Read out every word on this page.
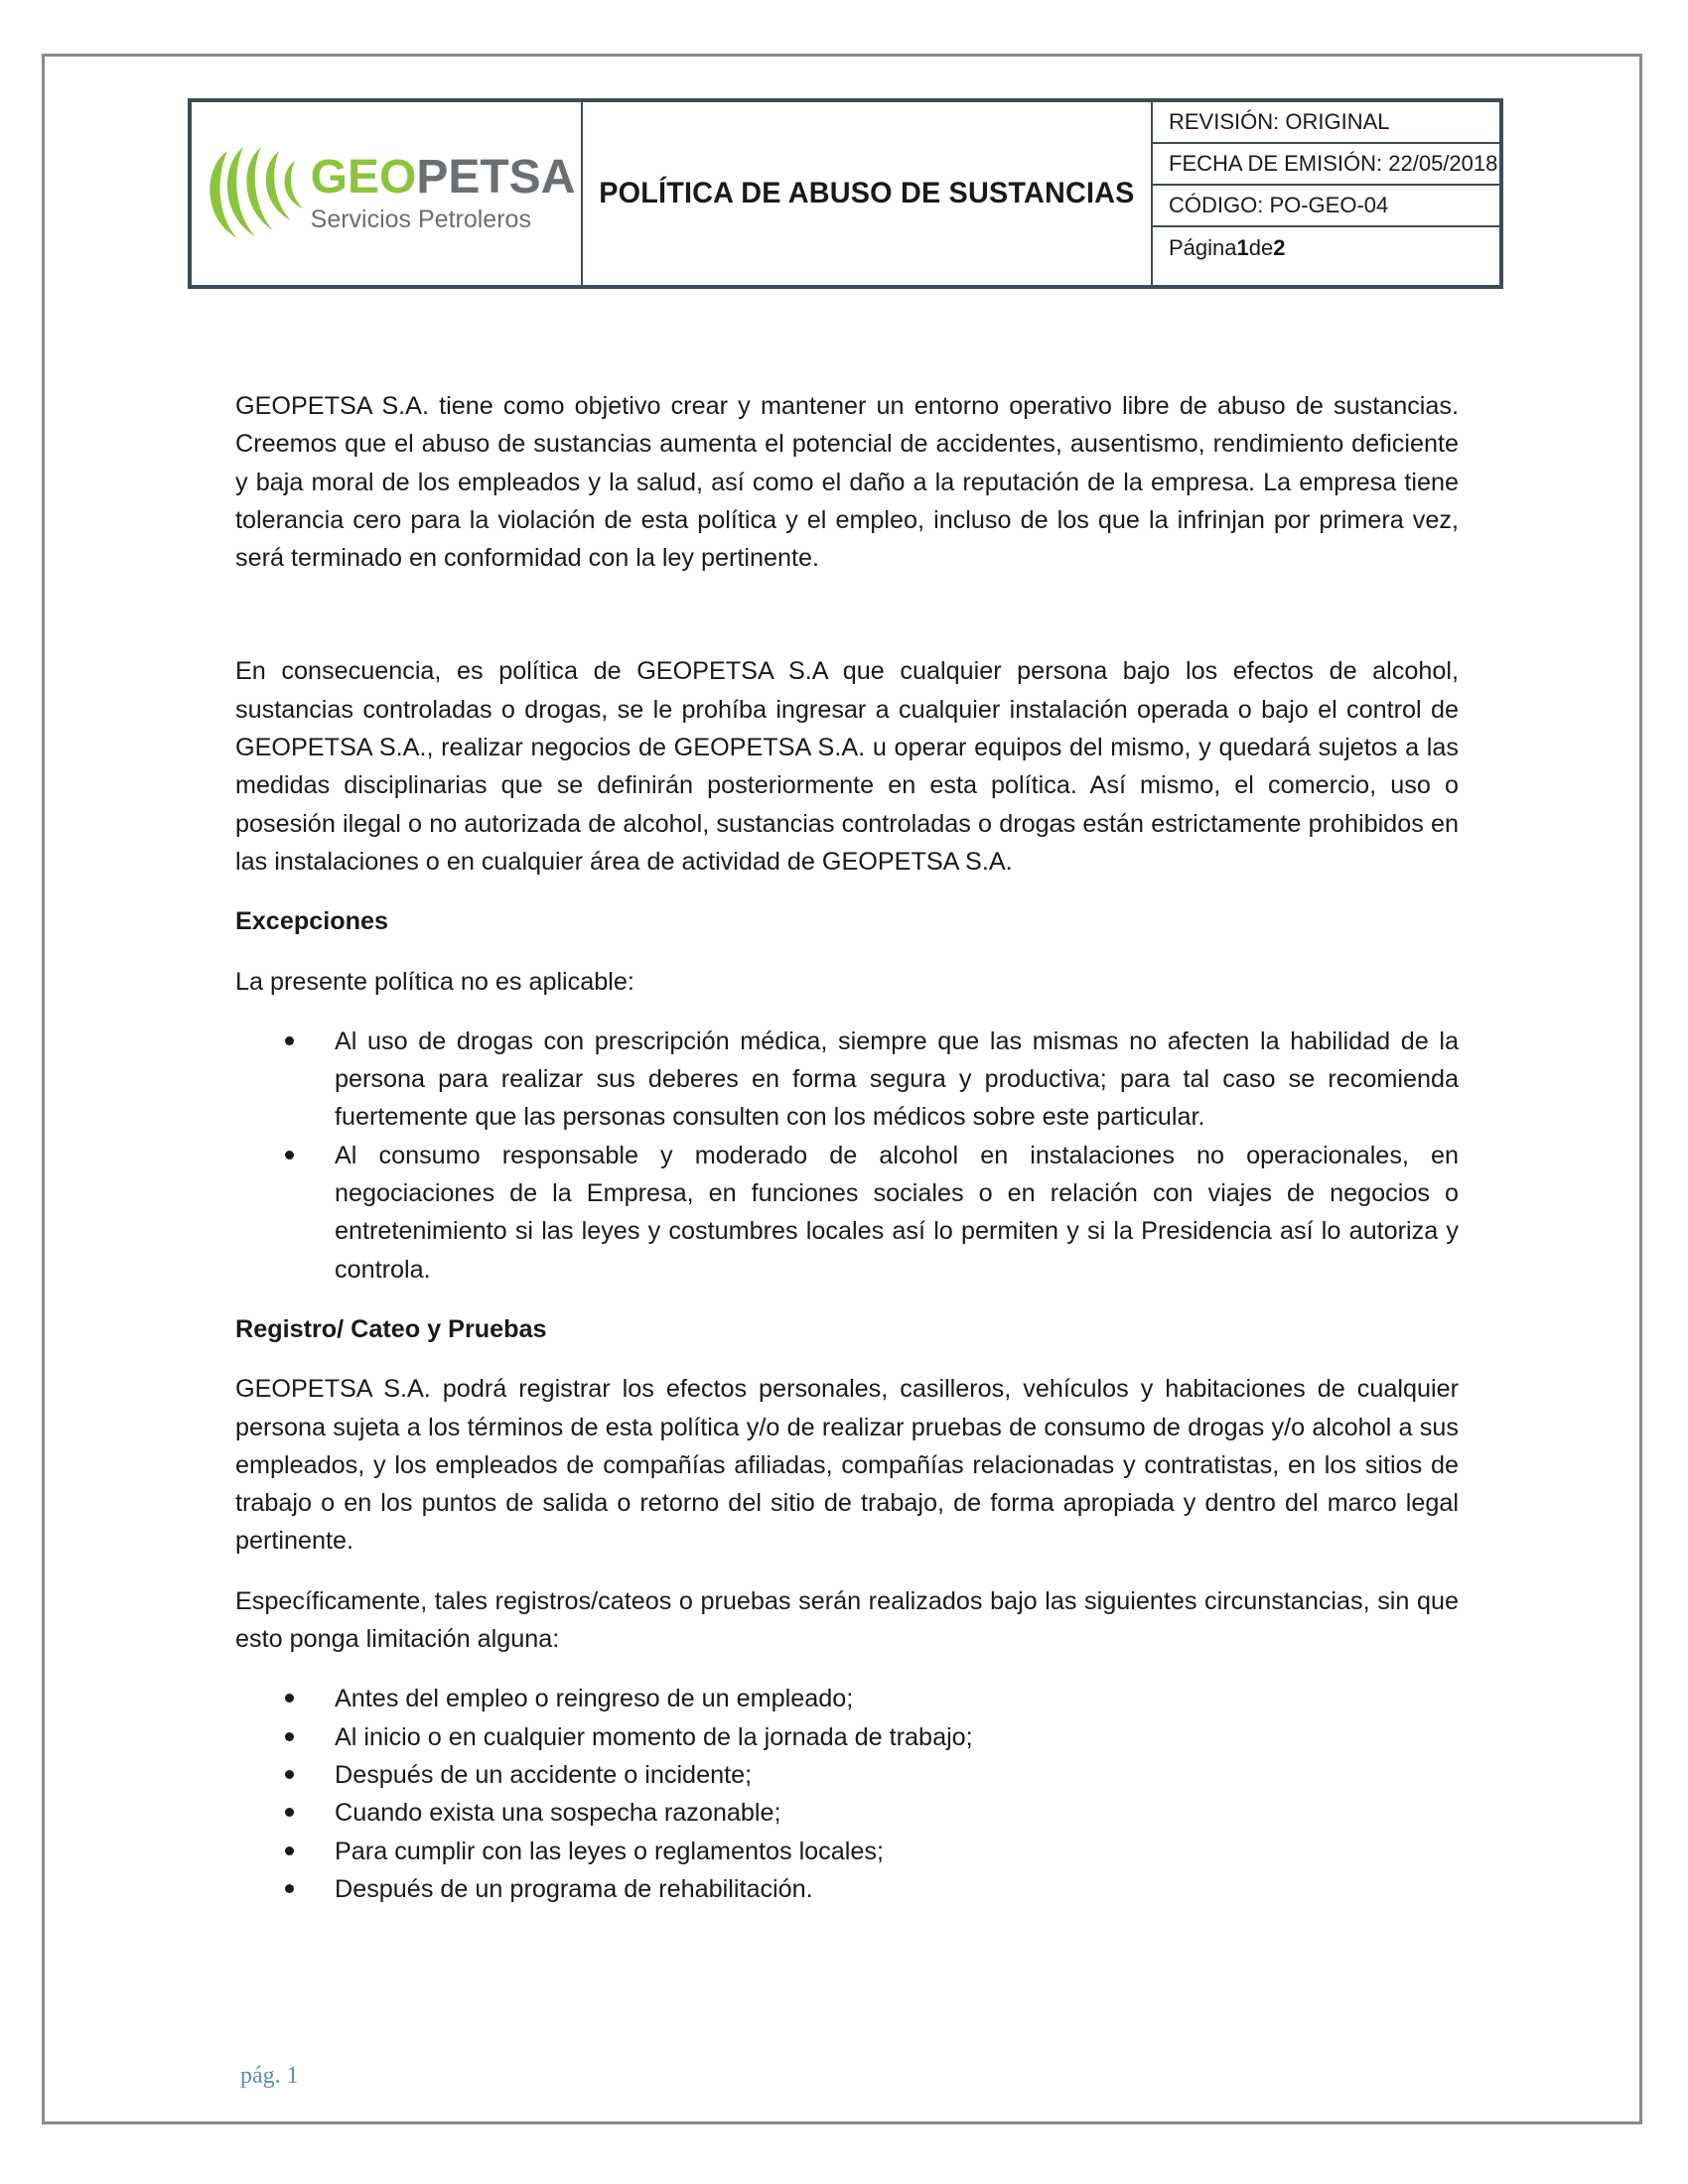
GEOPETSA
Servicios Petroleros
POLÍTICA DE ABUSO DE SUSTANCIAS
REVISIÓN: ORIGINAL
FECHA DE EMISIÓN: 22/05/2018
CÓDIGO: PO-GEO-04
Página 1 de 2

GEOPETSA S.A. tiene como objetivo crear y mantener un entorno operativo libre de abuso de sustancias. Creemos que el abuso de sustancias aumenta el potencial de accidentes, ausentismo, rendimiento deficiente y baja moral de los empleados y la salud, así como el daño a la reputación de la empresa. La empresa tiene tolerancia cero para la violación de esta política y el empleo, incluso de los que la infrinjan por primera vez, será terminado en conformidad con la ley pertinente.

En consecuencia, es política de GEOPETSA S.A que cualquier persona bajo los efectos de alcohol, sustancias controladas o drogas, se le prohíba ingresar a cualquier instalación operada o bajo el control de GEOPETSA S.A., realizar negocios de GEOPETSA S.A. u operar equipos del mismo, y quedará sujetos a las medidas disciplinarias que se definirán posteriormente en esta política. Así mismo, el comercio, uso o posesión ilegal o no autorizada de alcohol, sustancias controladas o drogas están estrictamente prohibidos en las instalaciones o en cualquier área de actividad de GEOPETSA S.A.

Excepciones

La presente política no es aplicable:

Al uso de drogas con prescripción médica, siempre que las mismas no afecten la habilidad de la persona para realizar sus deberes en forma segura y productiva; para tal caso se recomienda fuertemente que las personas consulten con los médicos sobre este particular.
Al consumo responsable y moderado de alcohol en instalaciones no operacionales, en negociaciones de la Empresa, en funciones sociales o en relación con viajes de negocios o entretenimiento si las leyes y costumbres locales así lo permiten y si la Presidencia así lo autoriza y controla.
Registro/ Cateo y Pruebas

GEOPETSA S.A. podrá registrar los efectos personales, casilleros, vehículos y habitaciones de cualquier persona sujeta a los términos de esta política y/o de realizar pruebas de consumo de drogas y/o alcohol a sus empleados, y los empleados de compañías afiliadas, compañías relacionadas y contratistas, en los sitios de trabajo o en los puntos de salida o retorno del sitio de trabajo, de forma apropiada y dentro del marco legal pertinente.

Específicamente, tales registros/cateos o pruebas serán realizados bajo las siguientes circunstancias, sin que esto ponga limitación alguna:

Antes del empleo o reingreso de un empleado;
Al inicio o en cualquier momento de la jornada de trabajo;
Después de un accidente o incidente;
Cuando exista una sospecha razonable;
Para cumplir con las leyes o reglamentos locales;
Después de un programa de rehabilitación.
pág. 1
